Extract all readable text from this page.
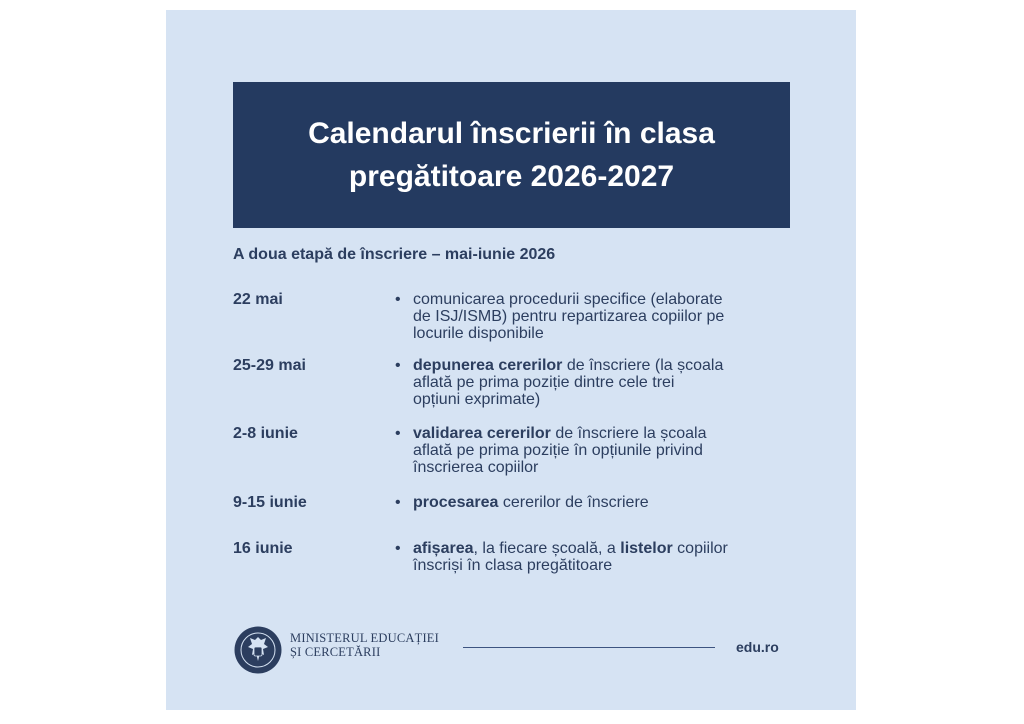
Calendarul înscrierii în clasa
pregătitoare 2026-2027

A doua etapă de înscriere – mai-iunie 2026

22 mai	• comunicarea procedurii specifice (elaborate
de ISJ/ISMB) pentru repartizarea copiilor pe
locurile disponibile
25-29 mai	• depunerea cererilor de înscriere (la școala
aflată pe prima poziție dintre cele trei
opțiuni exprimate)
2-8 iunie	• validarea cererilor de înscriere la școala
aflată pe prima poziție în opțiunile privind
înscrierea copiilor
9-15 iunie	• procesarea cererilor de înscriere
16 iunie	• afișarea, la fiecare școală, a listelor copiilor
înscriși în clasa pregătitoare
MINISTERUL EDUCAȚIEI
ȘI CERCETĂRII	edu.ro
